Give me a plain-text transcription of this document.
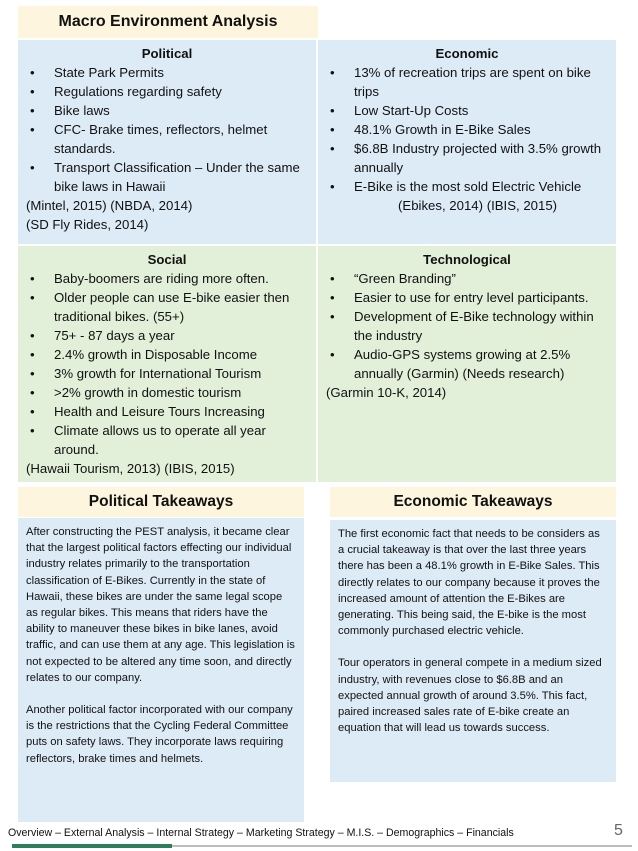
Macro Environment Analysis
Political
• State Park Permits
• Regulations regarding safety
• Bike laws
• CFC- Brake times, reflectors, helmet standards.
• Transport Classification – Under the same bike laws in Hawaii
(Mintel, 2015) (NBDA, 2014)
(SD Fly Rides, 2014)
Economic
• 13% of recreation trips are spent on bike trips
• Low Start-Up Costs
• 48.1% Growth in E-Bike Sales
• $6.8B Industry projected with 3.5% growth annually
• E-Bike is the most sold Electric Vehicle
(Ebikes, 2014) (IBIS, 2015)
Social
• Baby-boomers are riding more often.
• Older people can use E-bike easier then traditional bikes. (55+)
• 75+ - 87 days a year
• 2.4% growth in Disposable Income
• 3% growth for International Tourism
• >2% growth in domestic tourism
• Health and Leisure Tours Increasing
• Climate allows us to operate all year around.
(Hawaii Tourism, 2013) (IBIS, 2015)
Technological
• “Green Branding”
• Easier to use for entry level participants.
• Development of E-Bike technology within the industry
• Audio-GPS systems growing at 2.5% annually (Garmin) (Needs research)
(Garmin 10-K, 2014)
Political Takeaways	Economic Takeaways

After constructing the PEST analysis, it became clear that the largest political factors effecting our individual industry relates primarily to the transportation classification of E-Bikes. Currently in the state of Hawaii, these bikes are under the same legal scope as regular bikes. This means that riders have the ability to maneuver these bikes in bike lanes, avoid traffic, and can use them at any age. This legislation is not expected to be altered any time soon, and directly relates to our company.

Another political factor incorporated with our company is the restrictions that the Cycling Federal Committee puts on safety laws. They incorporate laws requiring reflectors, brake times and helmets.

The first economic fact that needs to be considers as a crucial takeaway is that over the last three years there has been a 48.1% growth in E-Bike Sales. This directly relates to our company because it proves the increased amount of attention the E-Bikes are generating. This being said, the E-bike is the most commonly purchased electric vehicle.

Tour operators in general compete in a medium sized industry, with revenues close to $6.8B and an expected annual growth of around 3.5%. This fact, paired increased sales rate of E-bike create an equation that will lead us towards success.

Overview – External Analysis – Internal Strategy – Marketing Strategy – M.I.S. – Demographics – Financials	5
